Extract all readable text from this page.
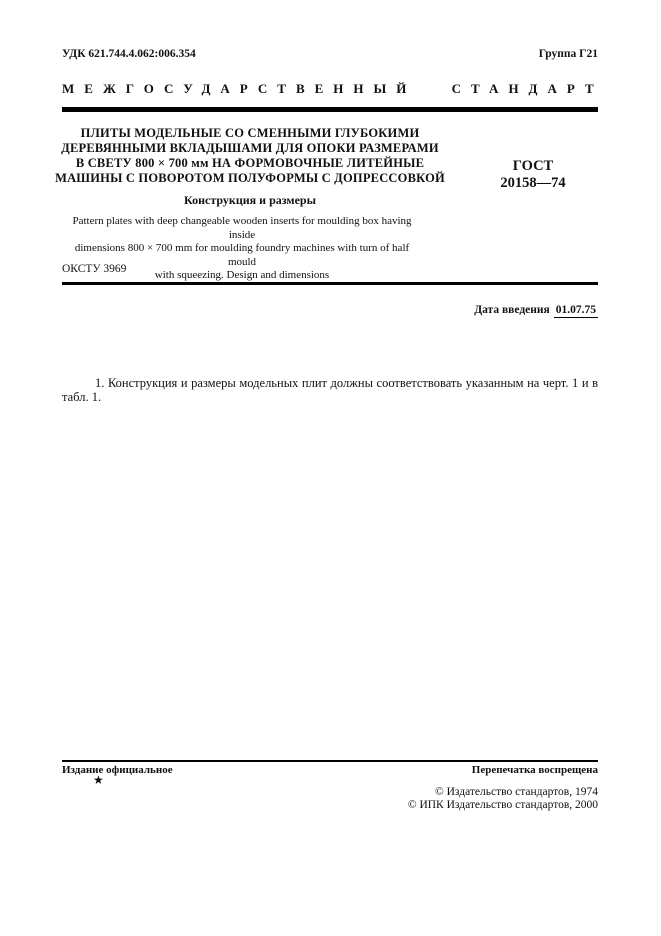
УДК 621.744.4.062:006.354	Группа Г21
МЕЖГОСУДАРСТВЕННЫЙ СТАНДАРТ
ПЛИТЫ МОДЕЛЬНЫЕ СО СМЕННЫМИ ГЛУБОКИМИ
ДЕРЕВЯННЫМИ ВКЛАДЫШАМИ ДЛЯ ОПОКИ РАЗМЕРАМИ
В СВЕТУ 800 × 700 мм НА ФОРМОВОЧНЫЕ ЛИТЕЙНЫЕ
МАШИНЫ С ПОВОРОТОМ ПОЛУФОРМЫ С ДОПРЕССОВКОЙ
Конструкция и размеры
ГОСТ
20158—74
Pattern plates with deep changeable wooden inserts for moulding box having inside
dimensions 800 × 700 mm for moulding foundry machines with turn of half mould
with squeezing. Design and dimensions
ОКСТУ 3969
Дата введения 01.07.75
1. Конструкция и размеры модельных плит должны соответствовать указанным на черт. 1 и в табл. 1.
Издание официальное	Перепечатка воспрещена
★
© Издательство стандартов, 1974
© ИПК Издательство стандартов, 2000
